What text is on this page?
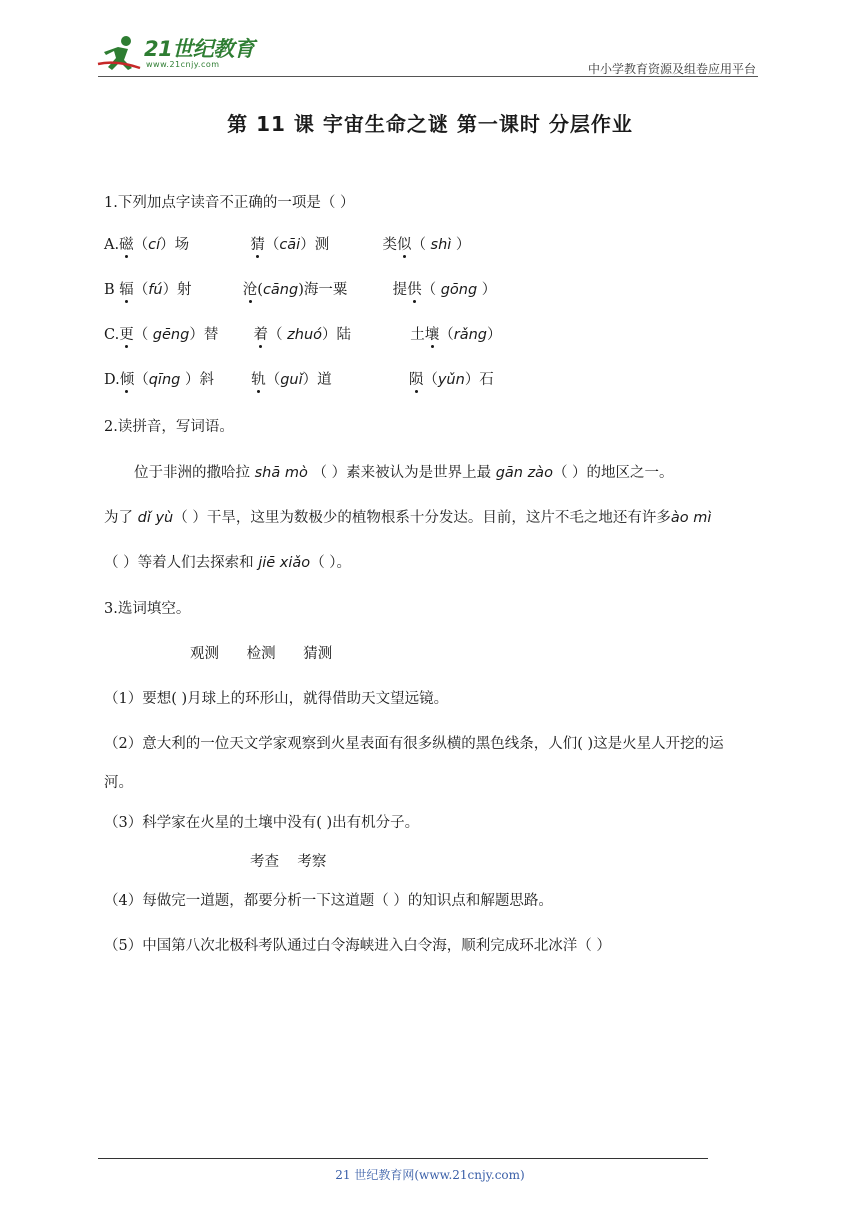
21世纪教育
www.21cnjy.com	中小学教育资源及组卷应用平台
第 11 课 宇宙生命之谜 第一课时 分层作业
1.下列加点字读音不正确的一项是（ ）
A.磁（cí）场	猜（cāi）测	类似（ shì ）
B 辐（fú）射	沧(cāng)海一粟	提供（ gōng ）
C.更（ gēng）替 着（ zhuó）陆	土壤（rǎng）
D.倾（qīng ）斜	轨（guǐ）道	陨（yǔn）石
2.读拼音，写词语。
位于非洲的撒哈拉 shā mò （ ）素来被认为是世界上最 gān zào（ ）的地区之一。
为了 dǐ yù（ ）干旱，这里为数极少的植物根系十分发达。目前，这片不毛之地还有许多ào mì
（ ）等着人们去探索和 jiē xiǎo（ ）。
3.选词填空。
观测      检测      猜测
（1）要想( )月球上的环形山，就得借助天文望远镜。
（2）意大利的一位天文学家观察到火星表面有很多纵横的黑色线条，人们( )这是火星人开挖的运
河。
（3）科学家在火星的土壤中没有( )出有机分子。
考查    考察
（4）每做完一道题，都要分析一下这道题（ ）的知识点和解题思路。
（5）中国第八次北极科考队通过白令海峡进入白令海，顺利完成环北冰洋（ ）
21 世纪教育网(www.21cnjy.com)
